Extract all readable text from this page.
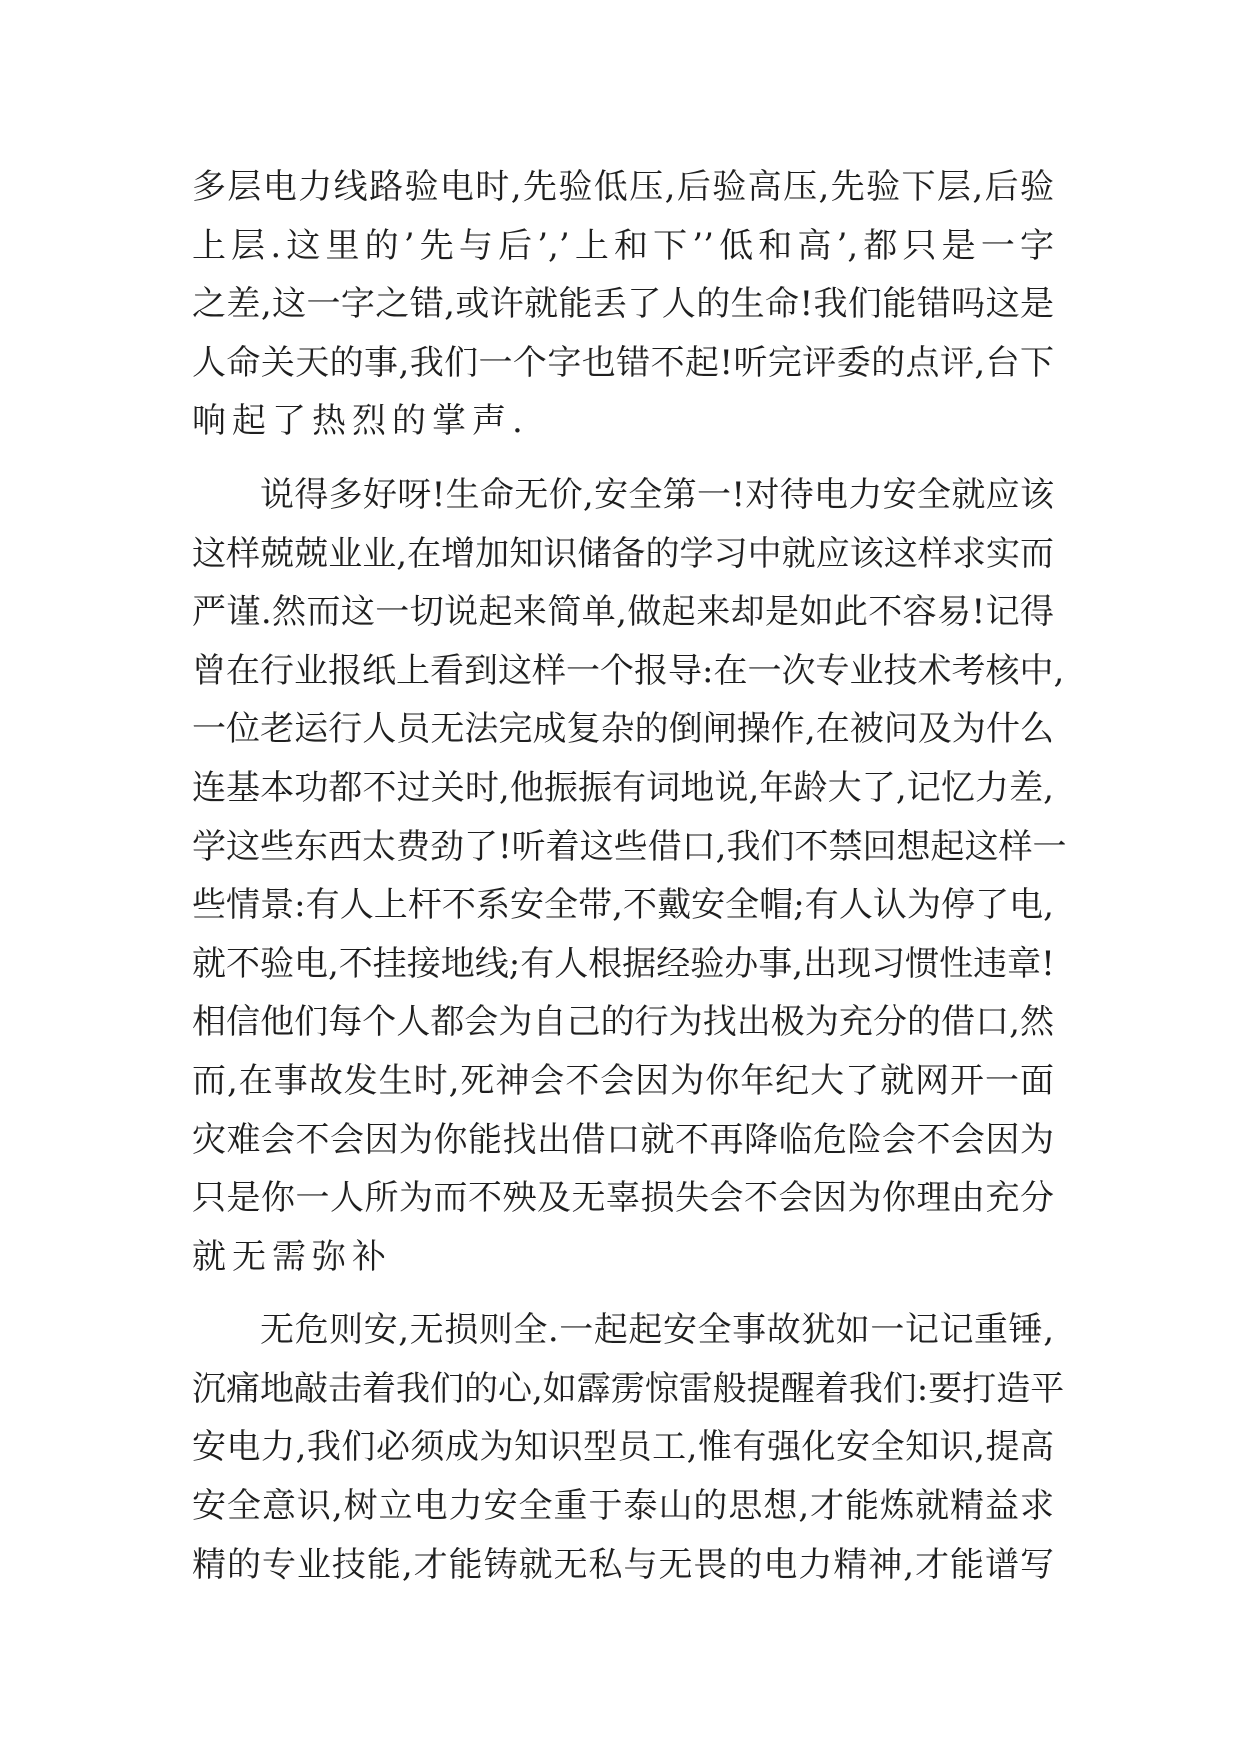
多层电力线路验电时,先验低压,后验高压,先验下层,后验
上层.这里的’先与后’,’上和下’’低和高’,都只是一字
之差,这一字之错,或许就能丢了人的生命!我们能错吗这是
人命关天的事,我们一个字也错不起!听完评委的点评,台下
响起了热烈的掌声.
说得多好呀!生命无价,安全第一!对待电力安全就应该
这样兢兢业业,在增加知识储备的学习中就应该这样求实而
严谨.然而这一切说起来简单,做起来却是如此不容易!记得
曾在行业报纸上看到这样一个报导:在一次专业技术考核中,
一位老运行人员无法完成复杂的倒闸操作,在被问及为什么
连基本功都不过关时,他振振有词地说,年龄大了,记忆力差,
学这些东西太费劲了!听着这些借口,我们不禁回想起这样一
些情景:有人上杆不系安全带,不戴安全帽;有人认为停了电,
就不验电,不挂接地线;有人根据经验办事,出现习惯性违章!
相信他们每个人都会为自己的行为找出极为充分的借口,然
而,在事故发生时,死神会不会因为你年纪大了就网开一面
灾难会不会因为你能找出借口就不再降临危险会不会因为
只是你一人所为而不殃及无辜损失会不会因为你理由充分
就无需弥补
无危则安,无损则全.一起起安全事故犹如一记记重锤,
沉痛地敲击着我们的心,如霹雳惊雷般提醒着我们:要打造平
安电力,我们必须成为知识型员工,惟有强化安全知识,提高
安全意识,树立电力安全重于泰山的思想,才能炼就精益求
精的专业技能,才能铸就无私与无畏的电力精神,才能谱写
